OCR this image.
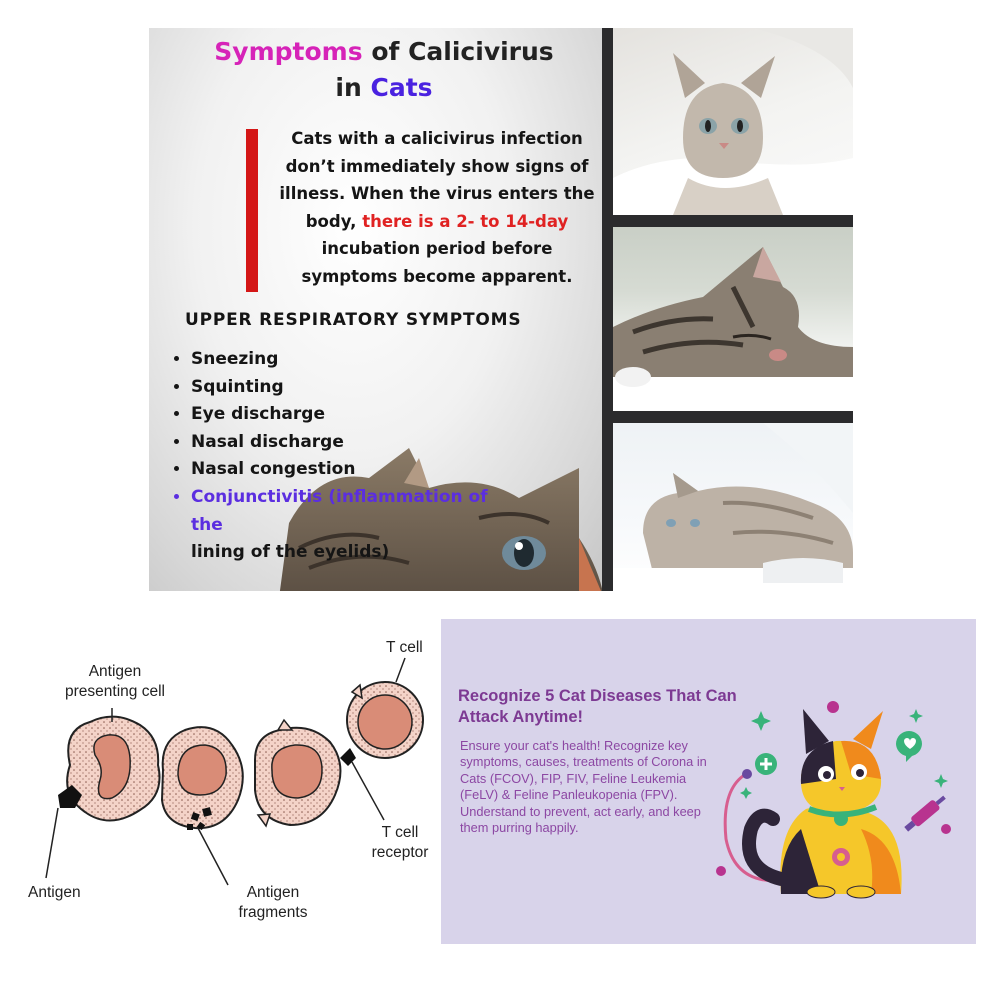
Symptoms of Calicivirus
in Cats
Cats with a calicivirus infection don’t immediately show signs of illness. When the virus enters the body, there is a 2- to 14-day incubation period before symptoms become apparent.
UPPER RESPIRATORY SYMPTOMS
• Sneezing
• Squinting
• Eye discharge
• Nasal discharge
• Nasal congestion
• Conjunctivitis (inflammation of the
lining of the eyelids)
T cell
Antigen
presenting cell
Antigen	Antigen
fragments
T cell
receptor
Recognize 5 Cat Diseases That Can Attack Anytime!
Ensure your cat's health! Recognize key symptoms, causes, treatments of Corona in Cats (FCOV), FIP, FIV, Feline Leukemia (FeLV) & Feline Panleukopenia (FPV). Understand to prevent, act early, and keep them purring happily.
